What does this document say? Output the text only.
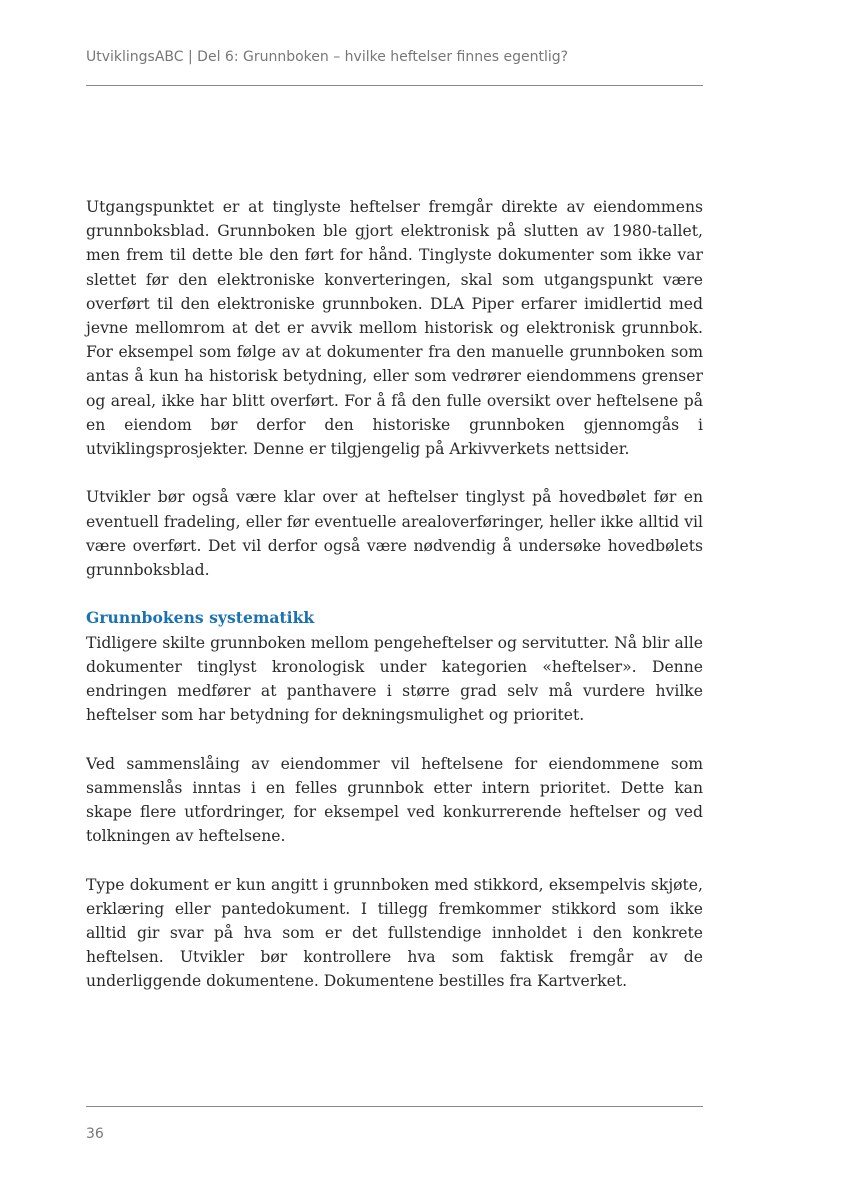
UtviklingsABC | Del 6: Grunnboken – hvilke heftelser finnes egentlig?

Utgangspunktet er at tinglyste heftelser fremgår direkte av eiendommens grunnboksblad. Grunnboken ble gjort elektronisk på slutten av 1980-tallet, men frem til dette ble den ført for hånd. Tinglyste dokumenter som ikke var slettet før den elektroniske konverteringen, skal som utgangspunkt være overført til den elektroniske grunnboken. DLA Piper erfarer imidlertid med jevne mellomrom at det er avvik mellom historisk og elektronisk grunnbok. For eksempel som følge av at dokumenter fra den manuelle grunnboken som antas å kun ha historisk betydning, eller som vedrører eiendommens grenser og areal, ikke har blitt overført. For å få den fulle oversikt over heftelsene på en eiendom bør derfor den historiske grunnboken gjennomgås i utviklingsprosjekter. Denne er tilgjengelig på Arkivverkets nettsider.

Utvikler bør også være klar over at heftelser tinglyst på hovedbølet før en eventuell fradeling, eller før eventuelle arealoverføringer, heller ikke alltid vil være overført. Det vil derfor også være nødvendig å undersøke hovedbølets grunnboksblad.

Grunnbokens systematikk

Tidligere skilte grunnboken mellom pengeheftelser og servitutter. Nå blir alle dokumenter tinglyst kronologisk under kategorien «heftelser». Denne endringen medfører at panthavere i større grad selv må vurdere hvilke heftelser som har betydning for dekningsmulighet og prioritet.

Ved sammenslåing av eiendommer vil heftelsene for eiendommene som sammenslås inntas i en felles grunnbok etter intern prioritet. Dette kan skape flere utfordringer, for eksempel ved konkurrerende heftelser og ved tolkningen av heftelsene.

Type dokument er kun angitt i grunnboken med stikkord, eksempelvis skjøte, erklæring eller pantedokument. I tillegg fremkommer stikkord som ikke alltid gir svar på hva som er det fullstendige innholdet i den konkrete heftelsen. Utvikler bør kontrollere hva som faktisk fremgår av de underliggende dokumentene. Dokumentene bestilles fra Kartverket.

36
